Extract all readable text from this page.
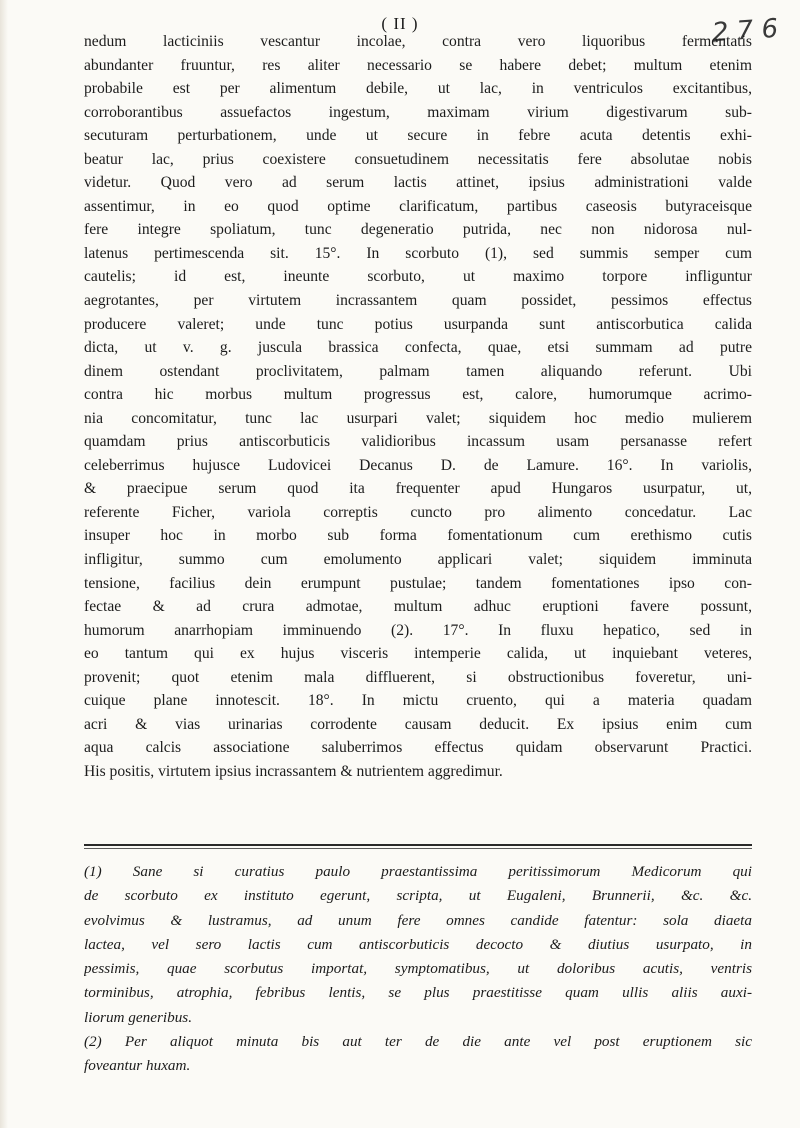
2 7 6
( II )
nedum lacticiniis vescantur incolae, contra vero liquoribus fermentatis
abundanter fruuntur, res aliter necessario se habere debet; multum etenim
probabile est per alimentum debile, ut lac, in ventriculos excitantibus,
corroborantibus assuefactos ingestum, maximam virium digestivarum sub-
secuturam perturbationem, unde ut secure in febre acuta detentis exhi-
beatur lac, prius coexistere consuetudinem necessitatis fere absolutae nobis
videtur. Quod vero ad serum lactis attinet, ipsius administrationi valde
assentimur, in eo quod optime clarificatum, partibus caseosis butyraceisque
fere integre spoliatum, tunc degeneratio putrida, nec non nidorosa nul-
latenus pertimescenda sit. 15°. In scorbuto (1), sed summis semper cum
cautelis; id est, ineunte scorbuto, ut maximo torpore infliguntur
aegrotantes, per virtutem incrassantem quam possidet, pessimos effectus
producere valeret; unde tunc potius usurpanda sunt antiscorbutica calida
dicta, ut v. g. jusculа brassica confecta, quae, etsi summam ad putre
dinem ostendant proclivitatem, palmam tamen aliquando referunt. Ubi
contra hic morbus multum progressus est, calore, humorumque acrimo-
nia concomitatur, tunc lac usurpari valet; siquidem hoc medio mulierem
quamdam prius antiscorbuticis validioribus incassum usam persanasse refert
celeberrimus hujusce Ludovicei Decanus D. de Lamure. 16°. In variolis,
& praecipue serum quod ita frequenter apud Hungaros usurpatur, ut,
referente Ficher, variola correptis cuncto pro alimento concedatur. Lac
insuper hoc in morbo sub forma fomentationum cum erethismo cutis
infligitur, summo cum emolumento applicari valet; siquidem imminuta
tensione, facilius dein erumpunt pustulae; tandem fomentationes ipso con-
fectae & ad crura admotae, multum adhuc eruptioni favere possunt,
humorum anarrhopiam imminuendo (2). 17°. In fluxu hepatico, sed in
eo tantum qui ex hujus visceris intemperie calida, ut inquiebant veteres,
provenit; quot etenim mala diffluerent, si obstructionibus foveretur, uni-
cuique plane innotescit. 18°. In mictu cruento, qui a materia quadam
acri & vias urinarias corrodente causam deducit. Ex ipsius enim cum
aqua calcis associatione saluberrimos effectus quidam observarunt Practici.
His positis, virtutem ipsius incrassantem & nutrientem aggredimur.
(1) Sane si curatius paulo praestantissima peritissimorum Medicorum qui
de scorbuto ex instituto egerunt, scripta, ut Eugaleni, Brunnerii, &c. &c.
evolvimus & lustramus, ad unum fere omnes candide fatentur: sola diaeta
lactea, vel sero lactis cum antiscorbuticis decocto & diutius usurpato, in
pessimis, quae scorbutus importat, symptomatibus, ut doloribus acutis, ventris
torminibus, atrophia, febribus lentis, se plus praestitisse quam ullis aliis auxi-
liorum generibus.
(2) Per aliquot minuta bis aut ter de die ante vel post eruptionem sic
foveantur huxam.
